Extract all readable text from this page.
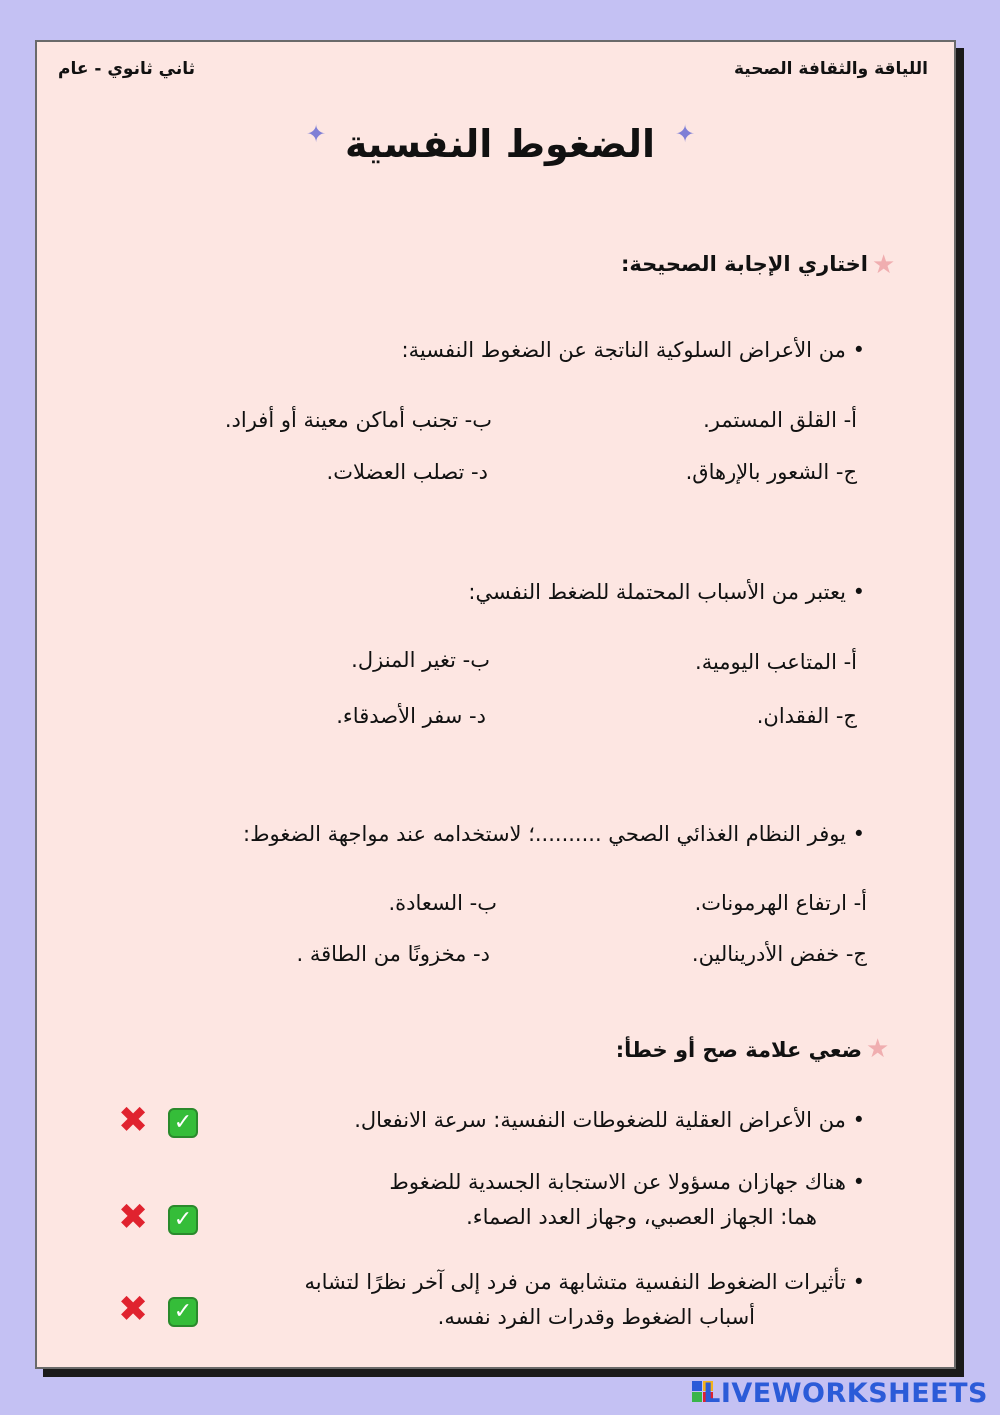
اللياقة والثقافة الصحية
ثاني ثانوي - عام
✦
✦ الضغوط النفسية
★
اختاري الإجابة الصحيحة:
• من الأعراض السلوكية الناتجة عن الضغوط النفسية:
أ- القلق المستمر.
ب- تجنب أماكن معينة أو أفراد.
ج- الشعور بالإرهاق.
د- تصلب العضلات.
• يعتبر من الأسباب المحتملة للضغط النفسي:
أ- المتاعب اليومية.
ب- تغير المنزل.
ج- الفقدان.
د- سفر الأصدقاء.
• يوفر النظام الغذائي الصحي ..........؛ لاستخدامه عند مواجهة الضغوط:
أ- ارتفاع الهرمونات.
ب- السعادة.
ج- خفض الأدرينالين.
د- مخزونًا من الطاقة .
★
ضعي علامة صح أو خطأ:
• من الأعراض العقلية للضغوطات النفسية: سرعة الانفعال.
✓
✖
• هناك جهازان مسؤولا عن الاستجابة الجسدية للضغوط
هما: الجهاز العصبي، وجهاز العدد الصماء.
✓
✖
• تأثيرات الضغوط النفسية متشابهة من فرد إلى آخر نظرًا لتشابه
أسباب الضغوط وقدرات الفرد نفسه.
✓
✖
LIVEWORKSHEETS
